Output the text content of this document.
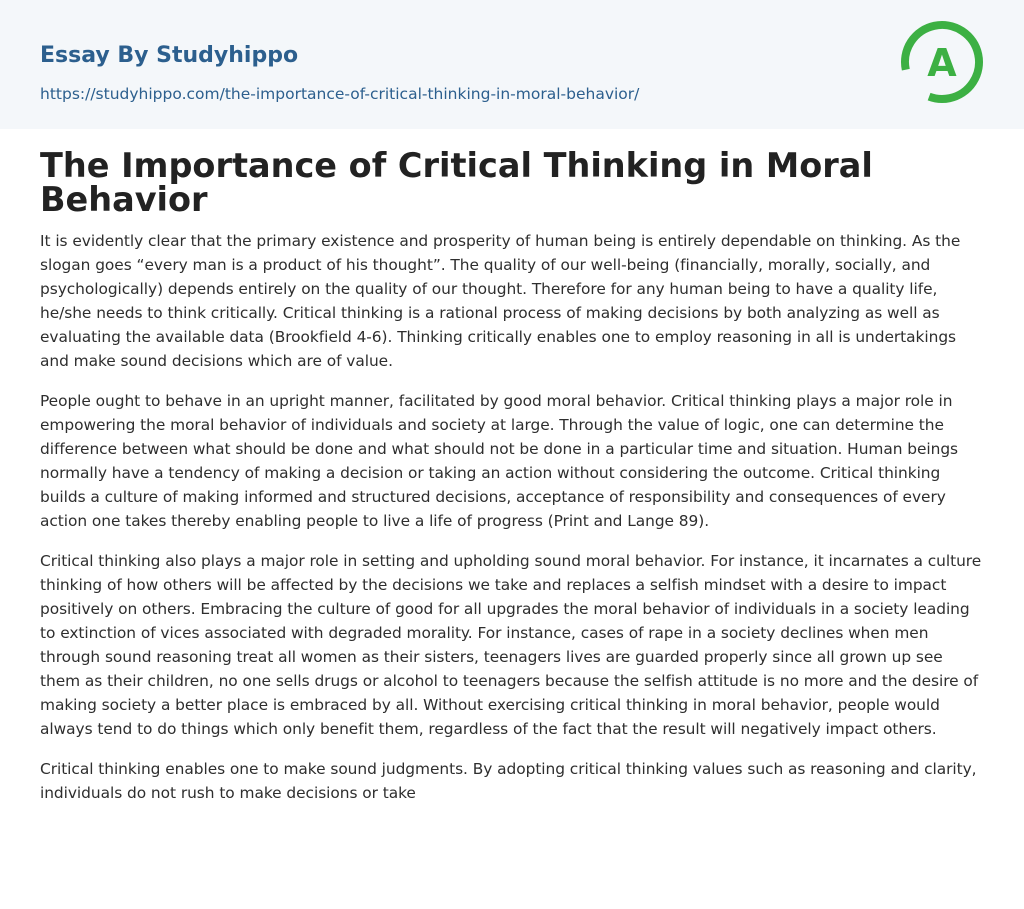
Essay By Studyhippo
https://studyhippo.com/the-importance-of-critical-thinking-in-moral-behavior/
A
The Importance of Critical Thinking in Moral Behavior

It is evidently clear that the primary existence and prosperity of human being is entirely dependable on thinking. As the slogan goes “every man is a product of his thought”. The quality of our well-being (financially, morally, socially, and psychologically) depends entirely on the quality of our thought. Therefore for any human being to have a quality life, he/she needs to think critically. Critical thinking is a rational process of making decisions by both analyzing as well as evaluating the available data (Brookfield 4-6). Thinking critically enables one to employ reasoning in all is undertakings and make sound decisions which are of value.

People ought to behave in an upright manner, facilitated by good moral behavior. Critical thinking plays a major role in empowering the moral behavior of individuals and society at large. Through the value of logic, one can determine the difference between what should be done and what should not be done in a particular time and situation. Human beings normally have a tendency of making a decision or taking an action without considering the outcome. Critical thinking builds a culture of making informed and structured decisions, acceptance of responsibility and consequences of every action one takes thereby enabling people to live a life of progress (Print and Lange 89).

Critical thinking also plays a major role in setting and upholding sound moral behavior. For instance, it incarnates a culture thinking of how others will be affected by the decisions we take and replaces a selfish mindset with a desire to impact positively on others. Embracing the culture of good for all upgrades the moral behavior of individuals in a society leading to extinction of vices associated with degraded morality. For instance, cases of rape in a society declines when men through sound reasoning treat all women as their sisters, teenagers lives are guarded properly since all grown up see them as their children, no one sells drugs or alcohol to teenagers because the selfish attitude is no more and the desire of making society a better place is embraced by all. Without exercising critical thinking in moral behavior, people would always tend to do things which only benefit them, regardless of the fact that the result will negatively impact others.

Critical thinking enables one to make sound judgments. By adopting critical thinking values such as reasoning and clarity, individuals do not rush to make decisions or take
